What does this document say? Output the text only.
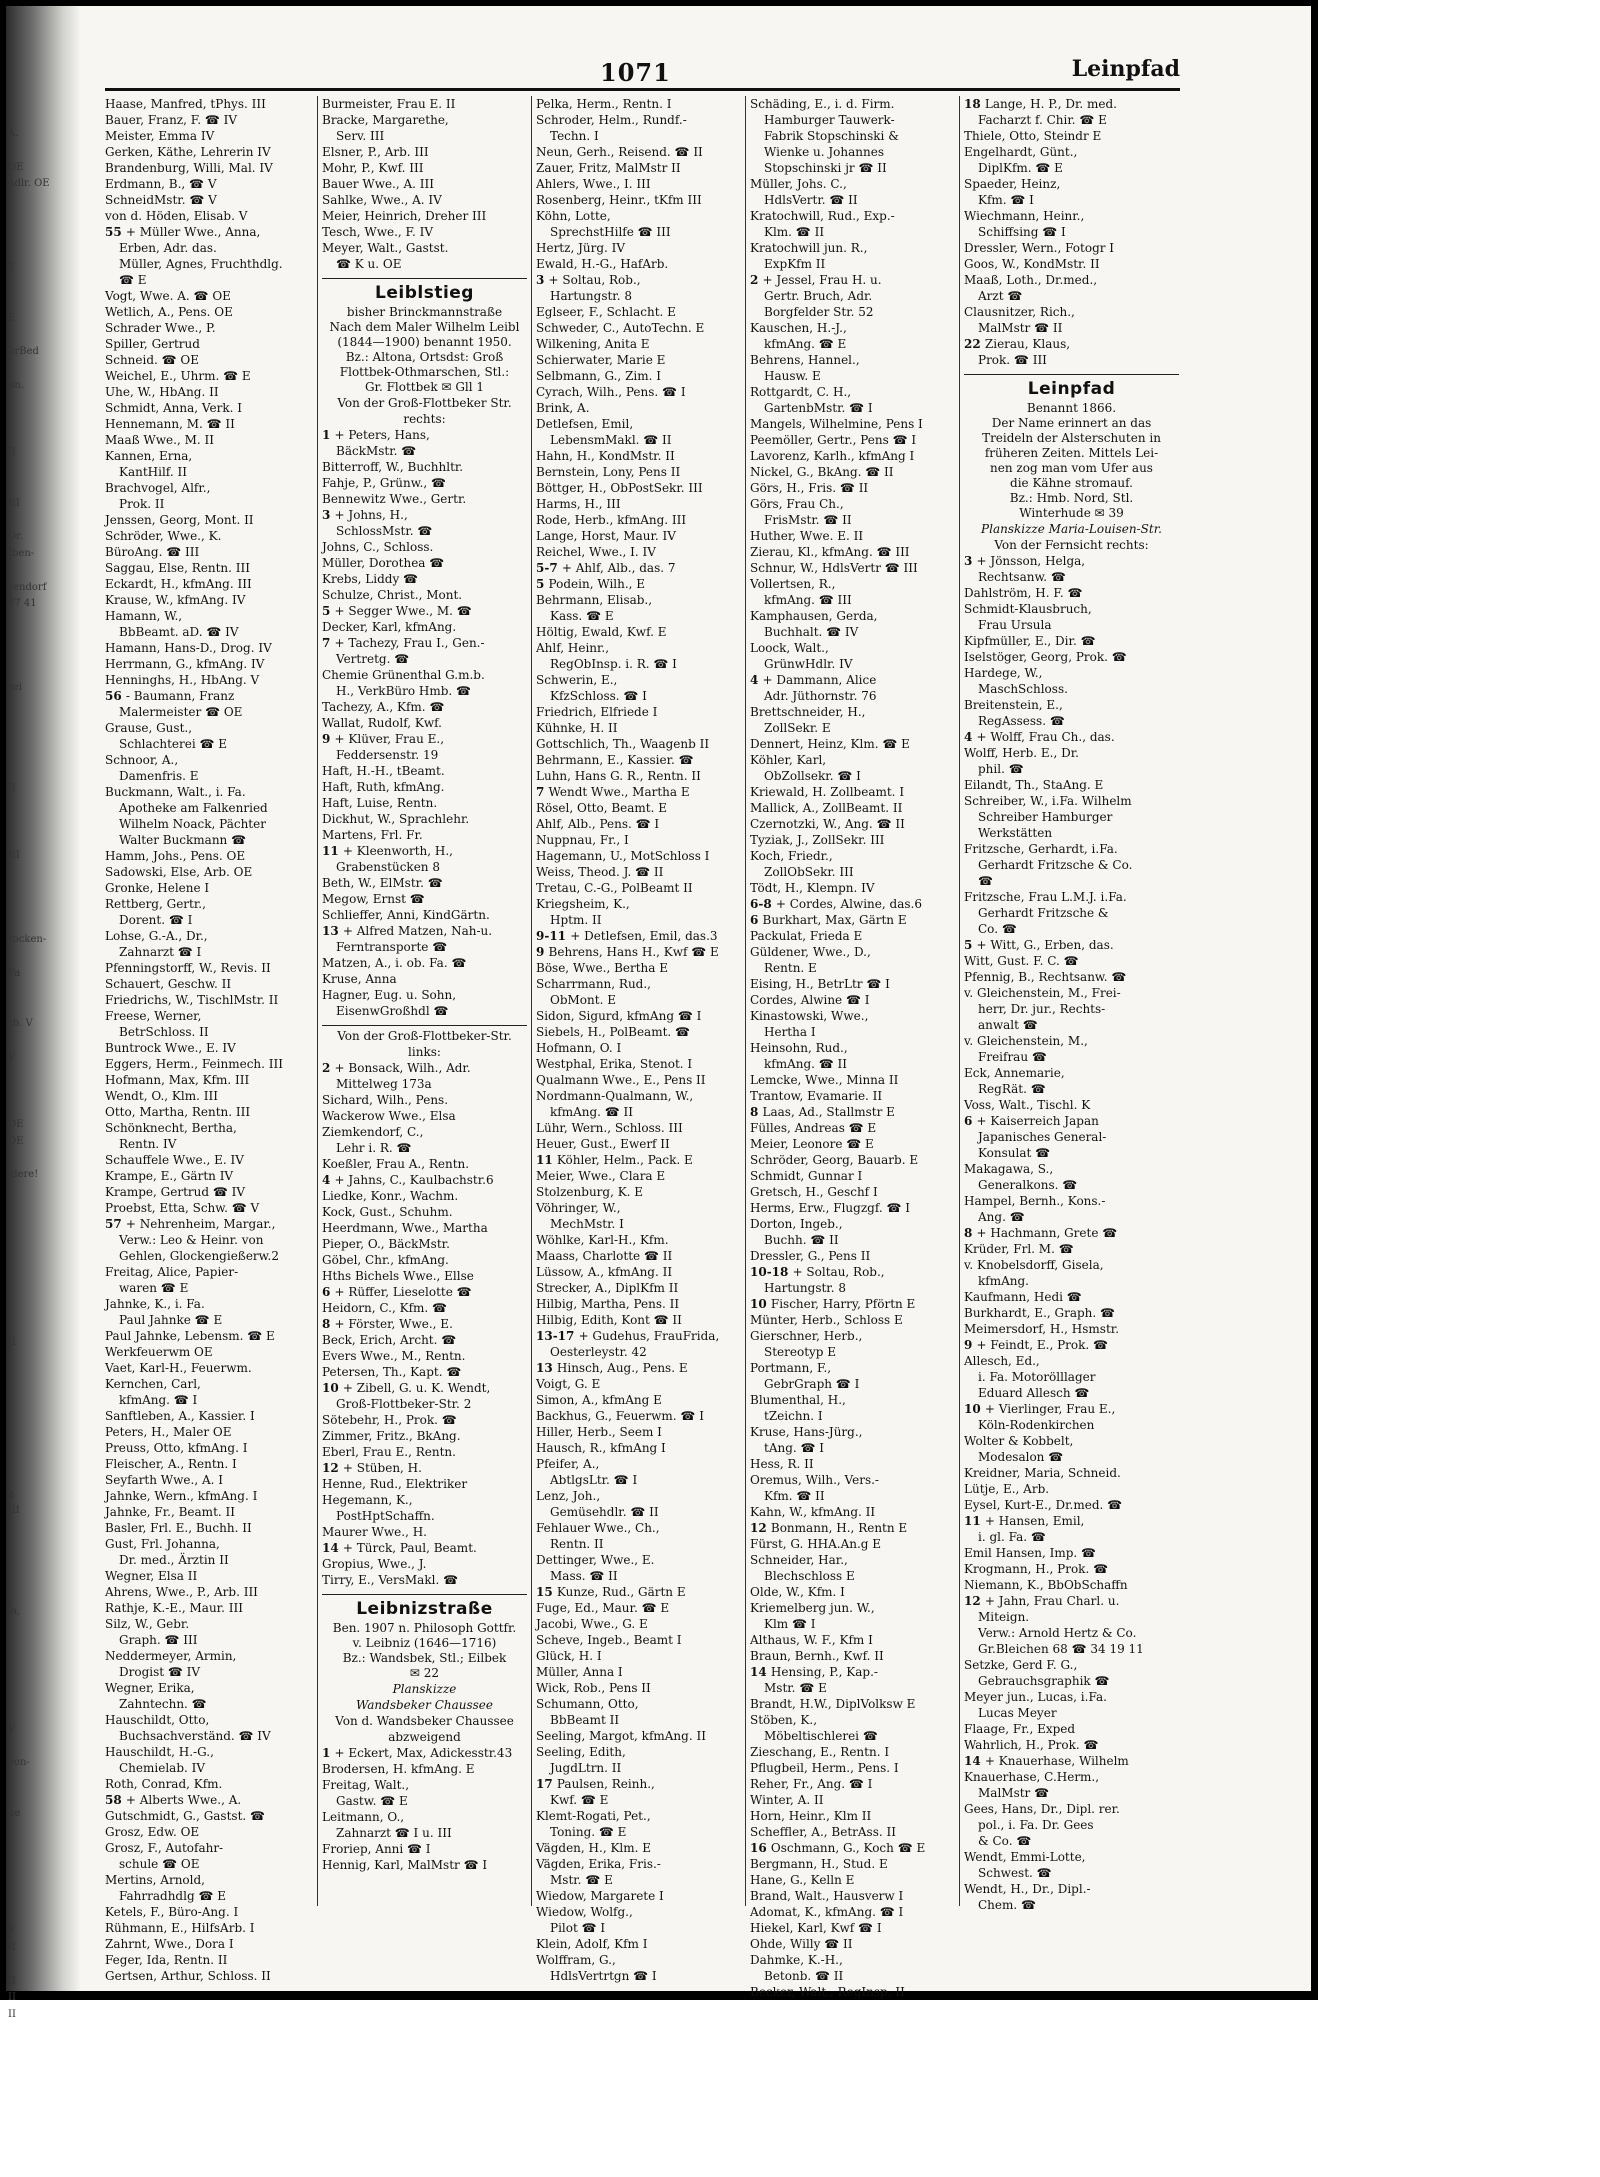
A.

OE
hdlr. OE

E

E

ürBed

lln.

II

III

Dr.
tben-

sendorf
37 41

rei

II

III

rocken-

Fa

rb. V

V

OE
OE

ldere!

II

g.
III

la,

V

eon-

ne

E
II

II
II
II

1071	Leinpfad
Haase, Manfred, tPhys. III
Bauer, Franz, F. ☎ IV
Meister, Emma IV
Gerken, Käthe, Lehrerin IV
Brandenburg, Willi, Mal. IV
Erdmann, B., ☎ V
SchneidMstr. ☎ V
von d. Höden, Elisab. V
55 + Müller Wwe., Anna,
Erben, Adr. das.
Müller, Agnes, Fruchthdlg.
☎ E
Vogt, Wwe. A. ☎ OE
Wetlich, A., Pens. OE
Schrader Wwe., P.
Spiller, Gertrud
Schneid. ☎ OE
Weichel, E., Uhrm. ☎ E
Uhe, W., HbAng. II
Schmidt, Anna, Verk. I
Hennemann, M. ☎ II
Maaß Wwe., M. II
Kannen, Erna,
KantHilf. II
Brachvogel, Alfr.,
Prok. II
Jenssen, Georg, Mont. II
Schröder, Wwe., K.
BüroAng. ☎ III
Saggau, Else, Rentn. III
Eckardt, H., kfmAng. III
Krause, W., kfmAng. IV
Hamann, W.,
BbBeamt. aD. ☎ IV
Hamann, Hans-D., Drog. IV
Herrmann, G., kfmAng. IV
Henninghs, H., HbAng. V
56 - Baumann, Franz
Malermeister ☎ OE
Grause, Gust.,
Schlachterei ☎ E
Schnoor, A.,
Damenfris. E
Buckmann, Walt., i. Fa.
Apotheke am Falkenried
Wilhelm Noack, Pächter
Walter Buckmann ☎
Hamm, Johs., Pens. OE
Sadowski, Else, Arb. OE
Gronke, Helene I
Rettberg, Gertr.,
Dorent. ☎ I
Lohse, G.-A., Dr.,
Zahnarzt ☎ I
Pfenningstorff, W., Revis. II
Schauert, Geschw. II
Friedrichs, W., TischlMstr. II
Freese, Werner,
BetrSchloss. II
Buntrock Wwe., E. IV
Eggers, Herm., Feinmech. III
Hofmann, Max, Kfm. III
Wendt, O., Klm. III
Otto, Martha, Rentn. III
Schönknecht, Bertha,
Rentn. IV
Schauffele Wwe., E. IV
Krampe, E., Gärtn IV
Krampe, Gertrud ☎ IV
Proebst, Etta, Schw. ☎ V
57 + Nehrenheim, Margar.,
Verw.: Leo & Heinr. von
Gehlen, Glockengießerw.2
Freitag, Alice, Papier-
waren ☎ E
Jahnke, K., i. Fa.
Paul Jahnke ☎ E
Paul Jahnke, Lebensm. ☎ E
Werkfeuerwm OE
Vaet, Karl-H., Feuerwm.
Kernchen, Carl,
kfmAng. ☎ I
Sanftleben, A., Kassier. I
Peters, H., Maler OE
Preuss, Otto, kfmAng. I
Fleischer, A., Rentn. I
Seyfarth Wwe., A. I
Jahnke, Wern., kfmAng. I
Jahnke, Fr., Beamt. II
Basler, Frl. E., Buchh. II
Gust, Frl. Johanna,
Dr. med., Ärztin II
Wegner, Elsa II
Ahrens, Wwe., P., Arb. III
Rathje, K.-E., Maur. III
Silz, W., Gebr.
Graph. ☎ III
Neddermeyer, Armin,
Drogist ☎ IV
Wegner, Erika,
Zahntechn. ☎
Hauschildt, Otto,
Buchsachverständ. ☎ IV
Hauschildt, H.-G.,
Chemielab. IV
Roth, Conrad, Kfm.
58 + Alberts Wwe., A.
Gutschmidt, G., Gastst. ☎
Grosz, Edw. OE
Grosz, F., Autofahr-
schule ☎ OE
Mertins, Arnold,
Fahrradhdlg ☎ E
Ketels, F., Büro-Ang. I
Rühmann, E., HilfsArb. I
Zahrnt, Wwe., Dora I
Feger, Ida, Rentn. II
Gertsen, Arthur, Schloss. II
Burmeister, Frau E. II
Bracke, Margarethe,
Serv. III
Elsner, P., Arb. III
Mohr, P., Kwf. III
Bauer Wwe., A. III
Sahlke, Wwe., A. IV
Meier, Heinrich, Dreher III
Tesch, Wwe., F. IV
Meyer, Walt., Gastst.
☎ K u. OE
Leiblstieg
bisher Brinckmannstraße
Nach dem Maler Wilhelm Leibl
(1844—1900) benannt 1950.
Bz.: Altona, Ortsdst: Groß
Flottbek-Othmarschen, Stl.:
Gr. Flottbek ✉ Gll 1
Von der Groß-Flottbeker Str.
rechts:
1 + Peters, Hans,
BäckMstr. ☎
Bitterroff, W., Buchhltr.
Fahje, P., Grünw., ☎
Bennewitz Wwe., Gertr.
3 + Johns, H.,
SchlossMstr. ☎
Johns, C., Schloss.
Müller, Dorothea ☎
Krebs, Liddy ☎
Schulze, Christ., Mont.
5 + Segger Wwe., M. ☎
Decker, Karl, kfmAng.
7 + Tachezy, Frau I., Gen.-
Vertretg. ☎
Chemie Grünenthal G.m.b.
H., VerkBüro Hmb. ☎
Tachezy, A., Kfm. ☎
Wallat, Rudolf, Kwf.
9 + Klüver, Frau E.,
Feddersenstr. 19
Haft, H.-H., tBeamt.
Haft, Ruth, kfmAng.
Haft, Luise, Rentn.
Dickhut, W., Sprachlehr.
Martens, Frl. Fr.
11 + Kleenworth, H.,
Grabenstücken 8
Beth, W., ElMstr. ☎
Megow, Ernst ☎
Schlieffer, Anni, KindGärtn.
13 + Alfred Matzen, Nah-u.
Ferntransporte ☎
Matzen, A., i. ob. Fa. ☎
Kruse, Anna
Hagner, Eug. u. Sohn,
EisenwGroßhdl ☎
Von der Groß-Flottbeker-Str.
links:
2 + Bonsack, Wilh., Adr.
Mittelweg 173a
Sichard, Wilh., Pens.
Wackerow Wwe., Elsa
Ziemkendorf, C.,
Lehr i. R. ☎
Koeßler, Frau A., Rentn.
4 + Jahns, C., Kaulbachstr.6
Liedke, Konr., Wachm.
Kock, Gust., Schuhm.
Heerdmann, Wwe., Martha
Pieper, O., BäckMstr.
Göbel, Chr., kfmAng.
Hths Bichels Wwe., Ellse
6 + Rüffer, Lieselotte ☎
Heidorn, C., Kfm. ☎
8 + Förster, Wwe., E.
Beck, Erich, Archt. ☎
Evers Wwe., M., Rentn.
Petersen, Th., Kapt. ☎
10 + Zibell, G. u. K. Wendt,
Groß-Flottbeker-Str. 2
Sötebehr, H., Prok. ☎
Zimmer, Fritz., BkAng.
Eberl, Frau E., Rentn.
12 + Stüben, H.
Henne, Rud., Elektriker
Hegemann, K.,
PostHptSchaffn.
Maurer Wwe., H.
14 + Türck, Paul, Beamt.
Gropius, Wwe., J.
Tirry, E., VersMakl. ☎
Leibnizstraße
Ben. 1907 n. Philosoph Gottfr.
v. Leibniz (1646—1716)
Bz.: Wandsbek, Stl.; Eilbek
✉ 22
Planskizze
Wandsbeker Chaussee
Von d. Wandsbeker Chaussee
abzweigend
1 + Eckert, Max, Adickesstr.43
Brodersen, H. kfmAng. E
Freitag, Walt.,
Gastw. ☎ E
Leitmann, O.,
Zahnarzt ☎ I u. III
Froriep, Anni ☎ I
Hennig, Karl, MalMstr ☎ I
Pelka, Herm., Rentn. I
Schroder, Helm., Rundf.-
Techn. I
Neun, Gerh., Reisend. ☎ II
Zauer, Fritz, MalMstr II
Ahlers, Wwe., I. III
Rosenberg, Heinr., tKfm III
Köhn, Lotte,
SprechstHilfe ☎ III
Hertz, Jürg. IV
Ewald, H.-G., HafArb.
3 + Soltau, Rob.,
Hartungstr. 8
Eglseer, F., Schlacht. E
Schweder, C., AutoTechn. E
Wilkening, Anita E
Schierwater, Marie E
Selbmann, G., Zim. I
Cyrach, Wilh., Pens. ☎ I
Brink, A.
Detlefsen, Emil,
LebensmMakl. ☎ II
Hahn, H., KondMstr. II
Bernstein, Lony, Pens II
Böttger, H., ObPostSekr. III
Harms, H., III
Rode, Herb., kfmAng. III
Lange, Horst, Maur. IV
Reichel, Wwe., I. IV
5-7 + Ahlf, Alb., das. 7
5 Podein, Wilh., E
Behrmann, Elisab.,
Kass. ☎ E
Höltig, Ewald, Kwf. E
Ahlf, Heinr.,
RegObInsp. i. R. ☎ I
Schwerin, E.,
KfzSchloss. ☎ I
Friedrich, Elfriede I
Kühnke, H. II
Gottschlich, Th., Waagenb II
Behrmann, E., Kassier. ☎
Luhn, Hans G. R., Rentn. II
7 Wendt Wwe., Martha E
Rösel, Otto, Beamt. E
Ahlf, Alb., Pens. ☎ I
Nuppnau, Fr., I
Hagemann, U., MotSchloss I
Weiss, Theod. J. ☎ II
Tretau, C.-G., PolBeamt II
Kriegsheim, K.,
Hptm. II
9-11 + Detlefsen, Emil, das.3
9 Behrens, Hans H., Kwf ☎ E
Böse, Wwe., Bertha E
Scharrmann, Rud.,
ObMont. E
Sidon, Sigurd, kfmAng ☎ I
Siebels, H., PolBeamt. ☎
Hofmann, O. I
Westphal, Erika, Stenot. I
Qualmann Wwe., E., Pens II
Nordmann-Qualmann, W.,
kfmAng. ☎ II
Lühr, Wern., Schloss. III
Heuer, Gust., Ewerf II
11 Köhler, Helm., Pack. E
Meier, Wwe., Clara E
Stolzenburg, K. E
Vöhringer, W.,
MechMstr. I
Wöhlke, Karl-H., Kfm.
Maass, Charlotte ☎ II
Lüssow, A., kfmAng. II
Strecker, A., DiplKfm II
Hilbig, Martha, Pens. II
Hilbig, Edith, Kont ☎ II
13-17 + Gudehus, FrauFrida,
Oesterleystr. 42
13 Hinsch, Aug., Pens. E
Voigt, G. E
Simon, A., kfmAng E
Backhus, G., Feuerwm. ☎ I
Hiller, Herb., Seem I
Hausch, R., kfmAng I
Pfeifer, A.,
AbtlgsLtr. ☎ I
Lenz, Joh.,
Gemüsehdlr. ☎ II
Fehlauer Wwe., Ch.,
Rentn. II
Dettinger, Wwe., E.
Mass. ☎ II
15 Kunze, Rud., Gärtn E
Fuge, Ed., Maur. ☎ E
Jacobi, Wwe., G. E
Scheve, Ingeb., Beamt I
Glück, H. I
Müller, Anna I
Wick, Rob., Pens II
Schumann, Otto,
BbBeamt II
Seeling, Margot, kfmAng. II
Seeling, Edith,
JugdLtrn. II
17 Paulsen, Reinh.,
Kwf. ☎ E
Klemt-Rogati, Pet.,
Toning. ☎ E
Vägden, H., Klm. E
Vägden, Erika, Fris.-
Mstr. ☎ E
Wiedow, Margarete I
Wiedow, Wolfg.,
Pilot ☎ I
Klein, Adolf, Kfm I
Wolffram, G.,
HdlsVertrtgn ☎ I
Schäding, E., i. d. Firm.
Hamburger Tauwerk-
Fabrik Stopschinski &
Wienke u. Johannes
Stopschinski jr ☎ II
Müller, Johs. C.,
HdlsVertr. ☎ II
Kratochwill, Rud., Exp.-
Klm. ☎ II
Kratochwill jun. R.,
ExpKfm II
2 + Jessel, Frau H. u.
Gertr. Bruch, Adr.
Borgfelder Str. 52
Kauschen, H.-J.,
kfmAng. ☎ E
Behrens, Hannel.,
Hausw. E
Rottgardt, C. H.,
GartenbMstr. ☎ I
Mangels, Wilhelmine, Pens I
Peemöller, Gertr., Pens ☎ I
Lavorenz, Karlh., kfmAng I
Nickel, G., BkAng. ☎ II
Görs, H., Fris. ☎ II
Görs, Frau Ch.,
FrisMstr. ☎ II
Huther, Wwe. E. II
Zierau, Kl., kfmAng. ☎ III
Schnur, W., HdlsVertr ☎ III
Vollertsen, R.,
kfmAng. ☎ III
Kamphausen, Gerda,
Buchhalt. ☎ IV
Loock, Walt.,
GrünwHdlr. IV
4 + Dammann, Alice
Adr. Jüthornstr. 76
Brettschneider, H.,
ZollSekr. E
Dennert, Heinz, Klm. ☎ E
Köhler, Karl,
ObZollsekr. ☎ I
Kriewald, H. Zollbeamt. I
Mallick, A., ZollBeamt. II
Czernotzki, W., Ang. ☎ II
Tyziak, J., ZollSekr. III
Koch, Friedr.,
ZollObSekr. III
Tödt, H., Klempn. IV
6-8 + Cordes, Alwine, das.6
6 Burkhart, Max, Gärtn E
Packulat, Frieda E
Güldener, Wwe., D.,
Rentn. E
Eising, H., BetrLtr ☎ I
Cordes, Alwine ☎ I
Kinastowski, Wwe.,
Hertha I
Heinsohn, Rud.,
kfmAng. ☎ II
Lemcke, Wwe., Minna II
Trantow, Evamarie. II
8 Laas, Ad., Stallmstr E
Fülles, Andreas ☎ E
Meier, Leonore ☎ E
Schröder, Georg, Bauarb. E
Schmidt, Gunnar I
Gretsch, H., Geschf I
Herms, Erw., Flugzgf. ☎ I
Dorton, Ingeb.,
Buchh. ☎ II
Dressler, G., Pens II
10-18 + Soltau, Rob.,
Hartungstr. 8
10 Fischer, Harry, Pförtn E
Münter, Herb., Schloss E
Gierschner, Herb.,
Stereotyp E
Portmann, F.,
GebrGraph ☎ I
Blumenthal, H.,
tZeichn. I
Kruse, Hans-Jürg.,
tAng. ☎ I
Hess, R. II
Oremus, Wilh., Vers.-
Kfm. ☎ II
Kahn, W., kfmAng. II
12 Bonmann, H., Rentn E
Fürst, G. HHA.An.g E
Schneider, Har.,
Blechschloss E
Olde, W., Kfm. I
Kriemelberg jun. W.,
Klm ☎ I
Althaus, W. F., Kfm I
Braun, Bernh., Kwf. II
14 Hensing, P., Kap.-
Mstr. ☎ E
Brandt, H.W., DiplVolksw E
Stöben, K.,
Möbeltischlerei ☎
Zieschang, E., Rentn. I
Pflugbeil, Herm., Pens. I
Reher, Fr., Ang. ☎ I
Winter, A. II
Horn, Heinr., Klm II
Scheffler, A., BetrAss. II
16 Oschmann, G., Koch ☎ E
Bergmann, H., Stud. E
Hane, G., Kelln E
Brand, Walt., Hausverw I
Adomat, K., kfmAng. ☎ I
Hiekel, Karl, Kwf ☎ I
Ohde, Willy ☎ II
Dahmke, K.-H.,
Betonb. ☎ II
Becker, Walt., RegInsp. II
18 Lange, H. P., Dr. med.
Facharzt f. Chir. ☎ E
Thiele, Otto, Steindr E
Engelhardt, Günt.,
DiplKfm. ☎ E
Spaeder, Heinz,
Kfm. ☎ I
Wiechmann, Heinr.,
Schiffsing ☎ I
Dressler, Wern., Fotogr I
Goos, W., KondMstr. II
Maaß, Loth., Dr.med.,
Arzt ☎
Clausnitzer, Rich.,
MalMstr ☎ II
22 Zierau, Klaus,
Prok. ☎ III
Leinpfad
Benannt 1866.
Der Name erinnert an das
Treideln der Alsterschuten in
früheren Zeiten. Mittels Lei-
nen zog man vom Ufer aus
die Kähne stromauf.
Bz.: Hmb. Nord, Stl.
Winterhude ✉ 39
Planskizze Maria-Louisen-Str.
Von der Fernsicht rechts:
3 + Jönsson, Helga,
Rechtsanw. ☎
Dahlström, H. F. ☎
Schmidt-Klausbruch,
Frau Ursula
Kipfmüller, E., Dir. ☎
Iselstöger, Georg, Prok. ☎
Hardege, W.,
MaschSchloss.
Breitenstein, E.,
RegAssess. ☎
4 + Wolff, Frau Ch., das.
Wolff, Herb. E., Dr.
phil. ☎
Eilandt, Th., StaAng. E
Schreiber, W., i.Fa. Wilhelm
Schreiber Hamburger
Werkstätten
Fritzsche, Gerhardt, i.Fa.
Gerhardt Fritzsche & Co.
☎
Fritzsche, Frau L.M.J. i.Fa.
Gerhardt Fritzsche &
Co. ☎
5 + Witt, G., Erben, das.
Witt, Gust. F. C. ☎
Pfennig, B., Rechtsanw. ☎
v. Gleichenstein, M., Frei-
herr, Dr. jur., Rechts-
anwalt ☎
v. Gleichenstein, M.,
Freifrau ☎
Eck, Annemarie,
RegRät. ☎
Voss, Walt., Tischl. K
6 + Kaiserreich Japan
Japanisches General-
Konsulat ☎
Makagawa, S.,
Generalkons. ☎
Hampel, Bernh., Kons.-
Ang. ☎
8 + Hachmann, Grete ☎
Krüder, Frl. M. ☎
v. Knobelsdorff, Gisela,
kfmAng.
Kaufmann, Hedi ☎
Burkhardt, E., Graph. ☎
Meimersdorf, H., Hsmstr.
9 + Feindt, E., Prok. ☎
Allesch, Ed.,
i. Fa. Motorölllager
Eduard Allesch ☎
10 + Vierlinger, Frau E.,
Köln-Rodenkirchen
Wolter & Kobbelt,
Modesalon ☎
Kreidner, Maria, Schneid.
Lütje, E., Arb.
Eysel, Kurt-E., Dr.med. ☎
11 + Hansen, Emil,
i. gl. Fa. ☎
Emil Hansen, Imp. ☎
Krogmann, H., Prok. ☎
Niemann, K., BbObSchaffn
12 + Jahn, Frau Charl. u.
Miteign.
Verw.: Arnold Hertz & Co.
Gr.Bleichen 68 ☎ 34 19 11
Setzke, Gerd F. G.,
Gebrauchsgraphik ☎
Meyer jun., Lucas, i.Fa.
Lucas Meyer
Flaage, Fr., Exped
Wahrlich, H., Prok. ☎
14 + Knauerhase, Wilhelm
Knauerhase, C.Herm.,
MalMstr ☎
Gees, Hans, Dr., Dipl. rer.
pol., i. Fa. Dr. Gees
& Co. ☎
Wendt, Emmi-Lotte,
Schwest. ☎
Wendt, H., Dr., Dipl.-
Chem. ☎
